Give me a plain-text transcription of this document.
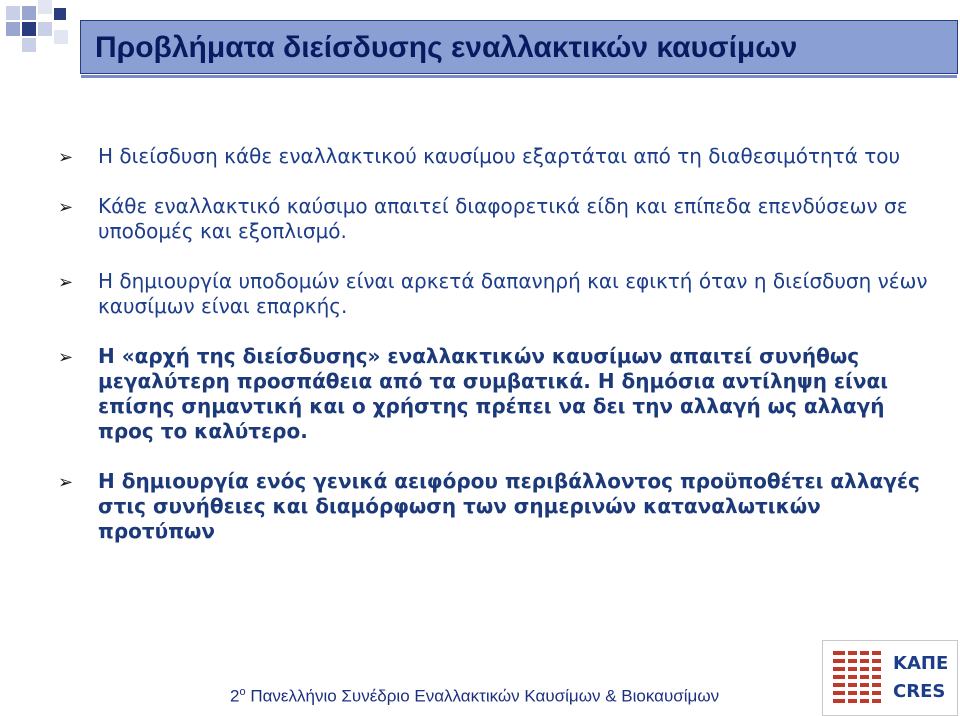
Προβλήματα διείσδυσης εναλλακτικών καυσίμων
➢ Η διείσδυση κάθε εναλλακτικού καυσίμου εξαρτάται από τη διαθεσιμότητά του
➢ Κάθε εναλλακτικό καύσιμο απαιτεί διαφορετικά είδη και επίπεδα επενδύσεων σε υποδομές και εξοπλισμό.
➢ Η δημιουργία υποδομών είναι αρκετά δαπανηρή και εφικτή όταν η διείσδυση νέων καυσίμων είναι επαρκής.
➢ Η «αρχή της διείσδυσης» εναλλακτικών καυσίμων απαιτεί συνήθως μεγαλύτερη προσπάθεια από τα συμβατικά. Η δημόσια αντίληψη είναι επίσης σημαντική και ο χρήστης πρέπει να δει την αλλαγή ως αλλαγή προς το καλύτερο.
➢ Η δημιουργία ενός γενικά αειφόρου περιβάλλοντος προϋποθέτει αλλαγές στις συνήθειες και διαμόρφωση των σημερινών καταναλωτικών προτύπων
$2^o$ Πανελλήνιο Συνέδριο Εναλλακτικών Καυσίμων & Βιοκαυσίμων
ΚΑΠΕ
CRES
